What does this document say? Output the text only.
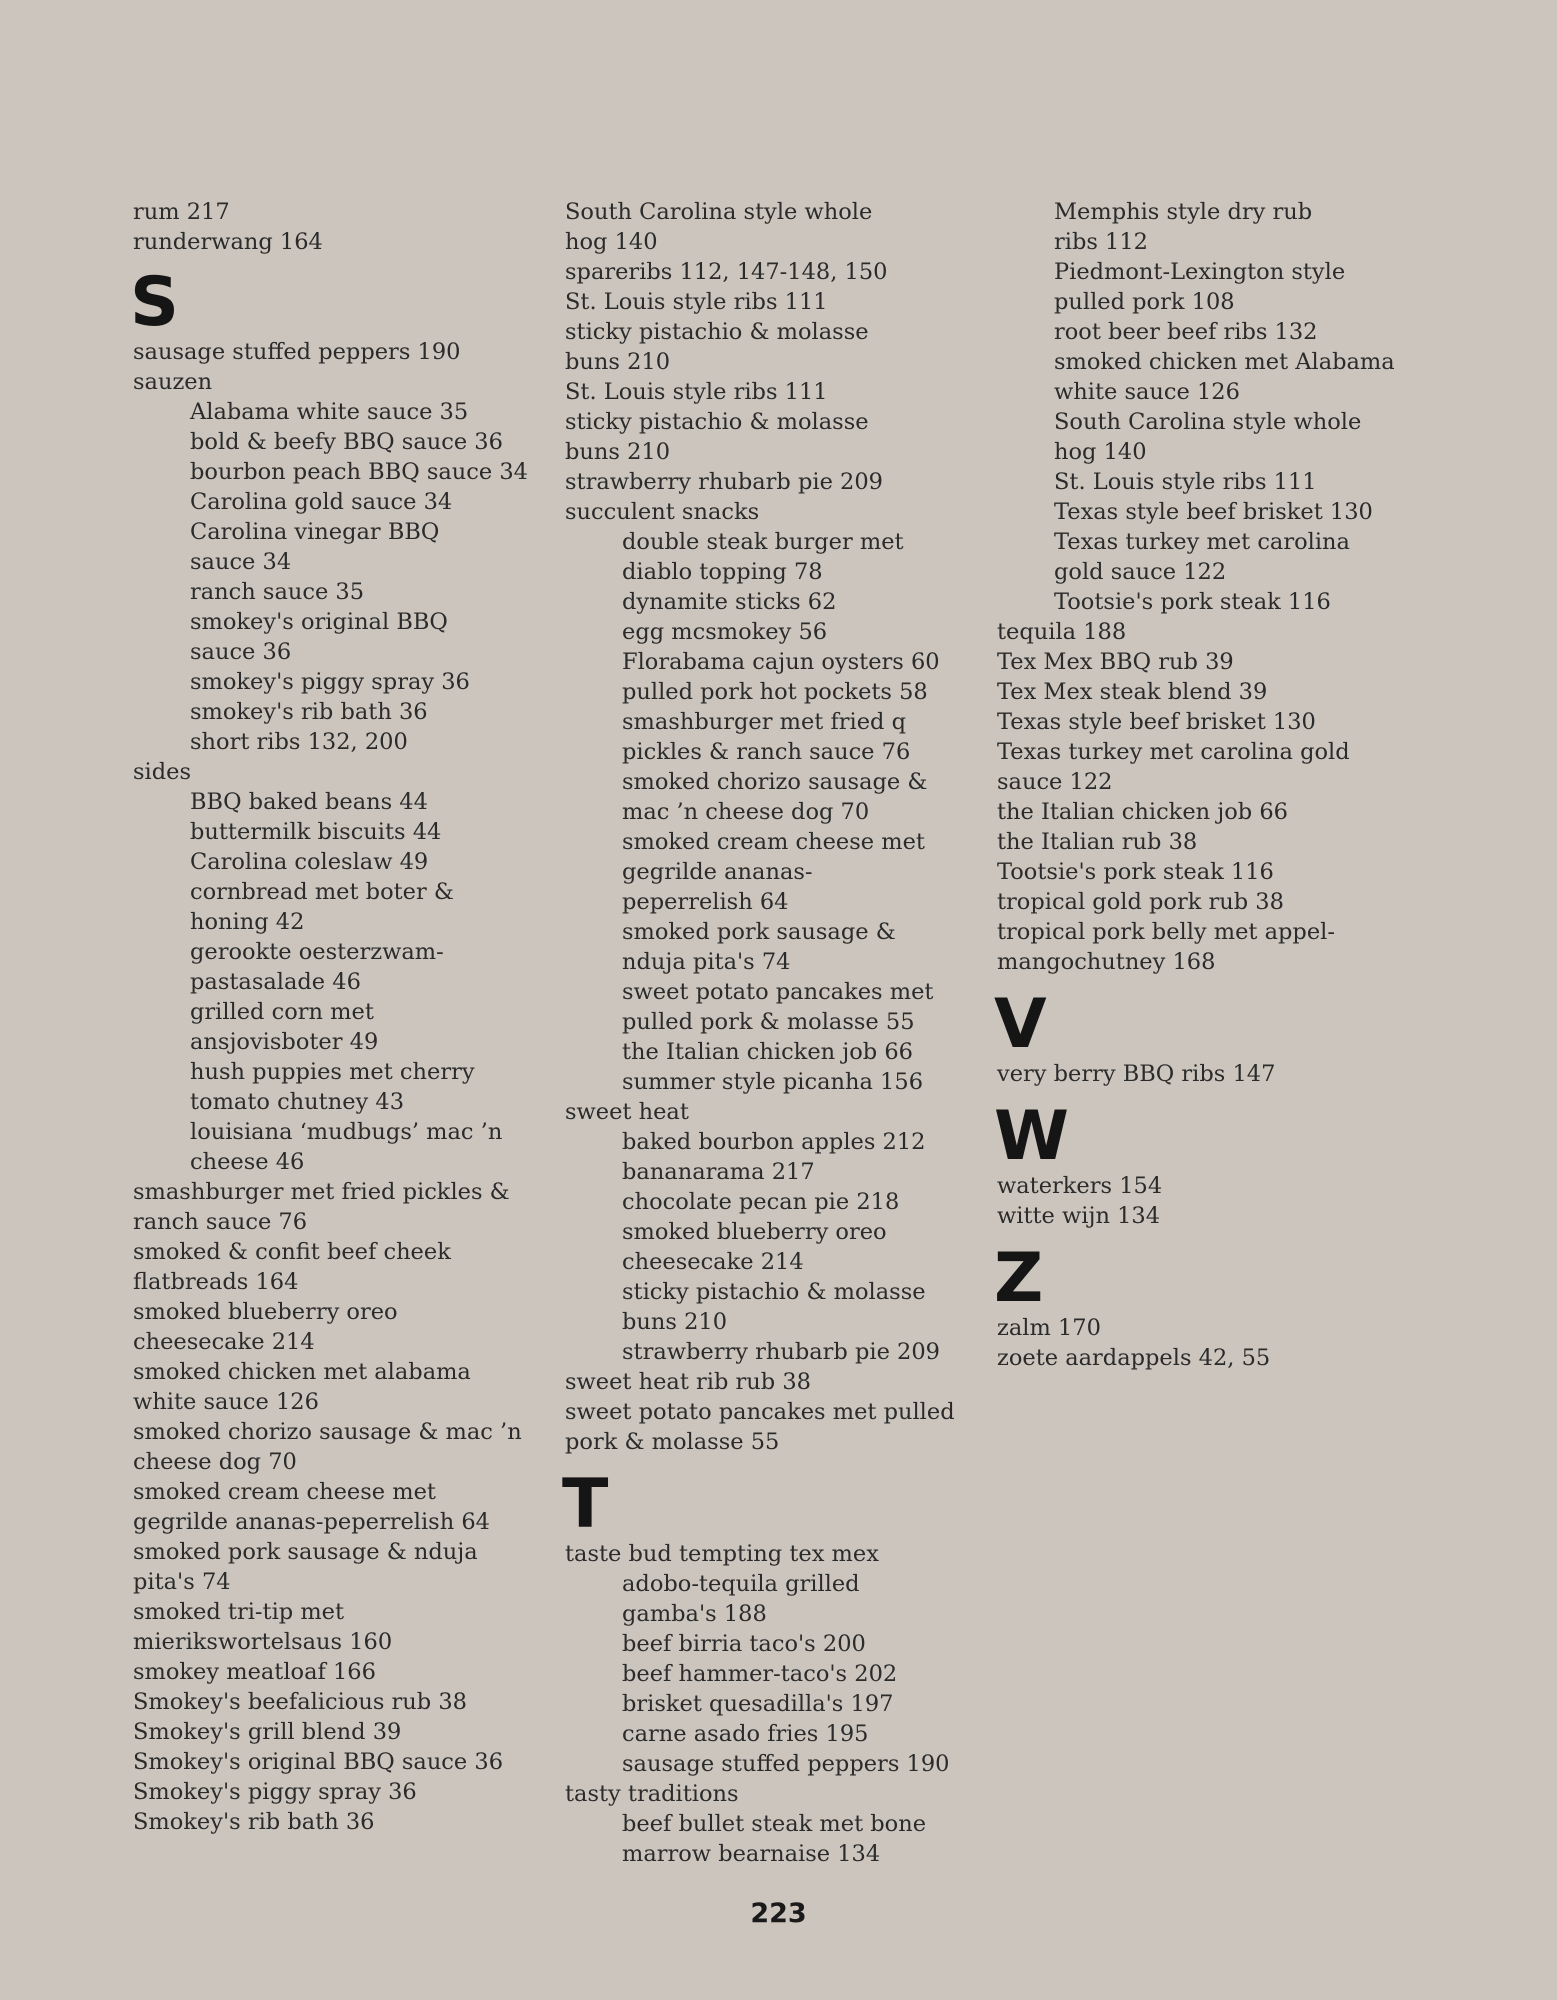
rum 217
runderwang 164
S
sausage stuffed peppers 190
sauzen
Alabama white sauce 35
bold & beefy BBQ sauce 36
bourbon peach BBQ sauce 34
Carolina gold sauce 34
Carolina vinegar BBQ
sauce 34
ranch sauce 35
smokey's original BBQ
sauce 36
smokey's piggy spray 36
smokey's rib bath 36
short ribs 132, 200
sides
BBQ baked beans 44
buttermilk biscuits 44
Carolina coleslaw 49
cornbread met boter &
honing 42
gerookte oesterzwam-
pastasalade 46
grilled corn met
ansjovisboter 49
hush puppies met cherry
tomato chutney 43
louisiana ‘mudbugs’ mac ’n
cheese 46
smashburger met fried pickles &
ranch sauce 76
smoked & confit beef cheek
flatbreads 164
smoked blueberry oreo
cheesecake 214
smoked chicken met alabama
white sauce 126
smoked chorizo sausage & mac ’n
cheese dog 70
smoked cream cheese met
gegrilde ananas-peperrelish 64
smoked pork sausage & nduja
pita's 74
smoked tri-tip met
mierikswortelsaus 160
smokey meatloaf 166
Smokey's beefalicious rub 38
Smokey's grill blend 39
Smokey's original BBQ sauce 36
Smokey's piggy spray 36
Smokey's rib bath 36
South Carolina style whole
hog 140
spareribs 112, 147-148, 150
St. Louis style ribs 111
sticky pistachio & molasse
buns 210
St. Louis style ribs 111
sticky pistachio & molasse
buns 210
strawberry rhubarb pie 209
succulent snacks
double steak burger met
diablo topping 78
dynamite sticks 62
egg mcsmokey 56
Florabama cajun oysters 60
pulled pork hot pockets 58
smashburger met fried q
pickles & ranch sauce 76
smoked chorizo sausage &
mac ’n cheese dog 70
smoked cream cheese met
gegrilde ananas-
peperrelish 64
smoked pork sausage &
nduja pita's 74
sweet potato pancakes met
pulled pork & molasse 55
the Italian chicken job 66
summer style picanha 156
sweet heat
baked bourbon apples 212
bananarama 217
chocolate pecan pie 218
smoked blueberry oreo
cheesecake 214
sticky pistachio & molasse
buns 210
strawberry rhubarb pie 209
sweet heat rib rub 38
sweet potato pancakes met pulled
pork & molasse 55
T
taste bud tempting tex mex
adobo-tequila grilled
gamba's 188
beef birria taco's 200
beef hammer-taco's 202
brisket quesadilla's 197
carne asado fries 195
sausage stuffed peppers 190
tasty traditions
beef bullet steak met bone
marrow bearnaise 134
Memphis style dry rub
ribs 112
Piedmont-Lexington style
pulled pork 108
root beer beef ribs 132
smoked chicken met Alabama
white sauce 126
South Carolina style whole
hog 140
St. Louis style ribs 111
Texas style beef brisket 130
Texas turkey met carolina
gold sauce 122
Tootsie's pork steak 116
tequila 188
Tex Mex BBQ rub 39
Tex Mex steak blend 39
Texas style beef brisket 130
Texas turkey met carolina gold
sauce 122
the Italian chicken job 66
the Italian rub 38
Tootsie's pork steak 116
tropical gold pork rub 38
tropical pork belly met appel-
mangochutney 168
V
very berry BBQ ribs 147
W
waterkers 154
witte wijn 134
Z
zalm 170
zoete aardappels 42, 55
223
